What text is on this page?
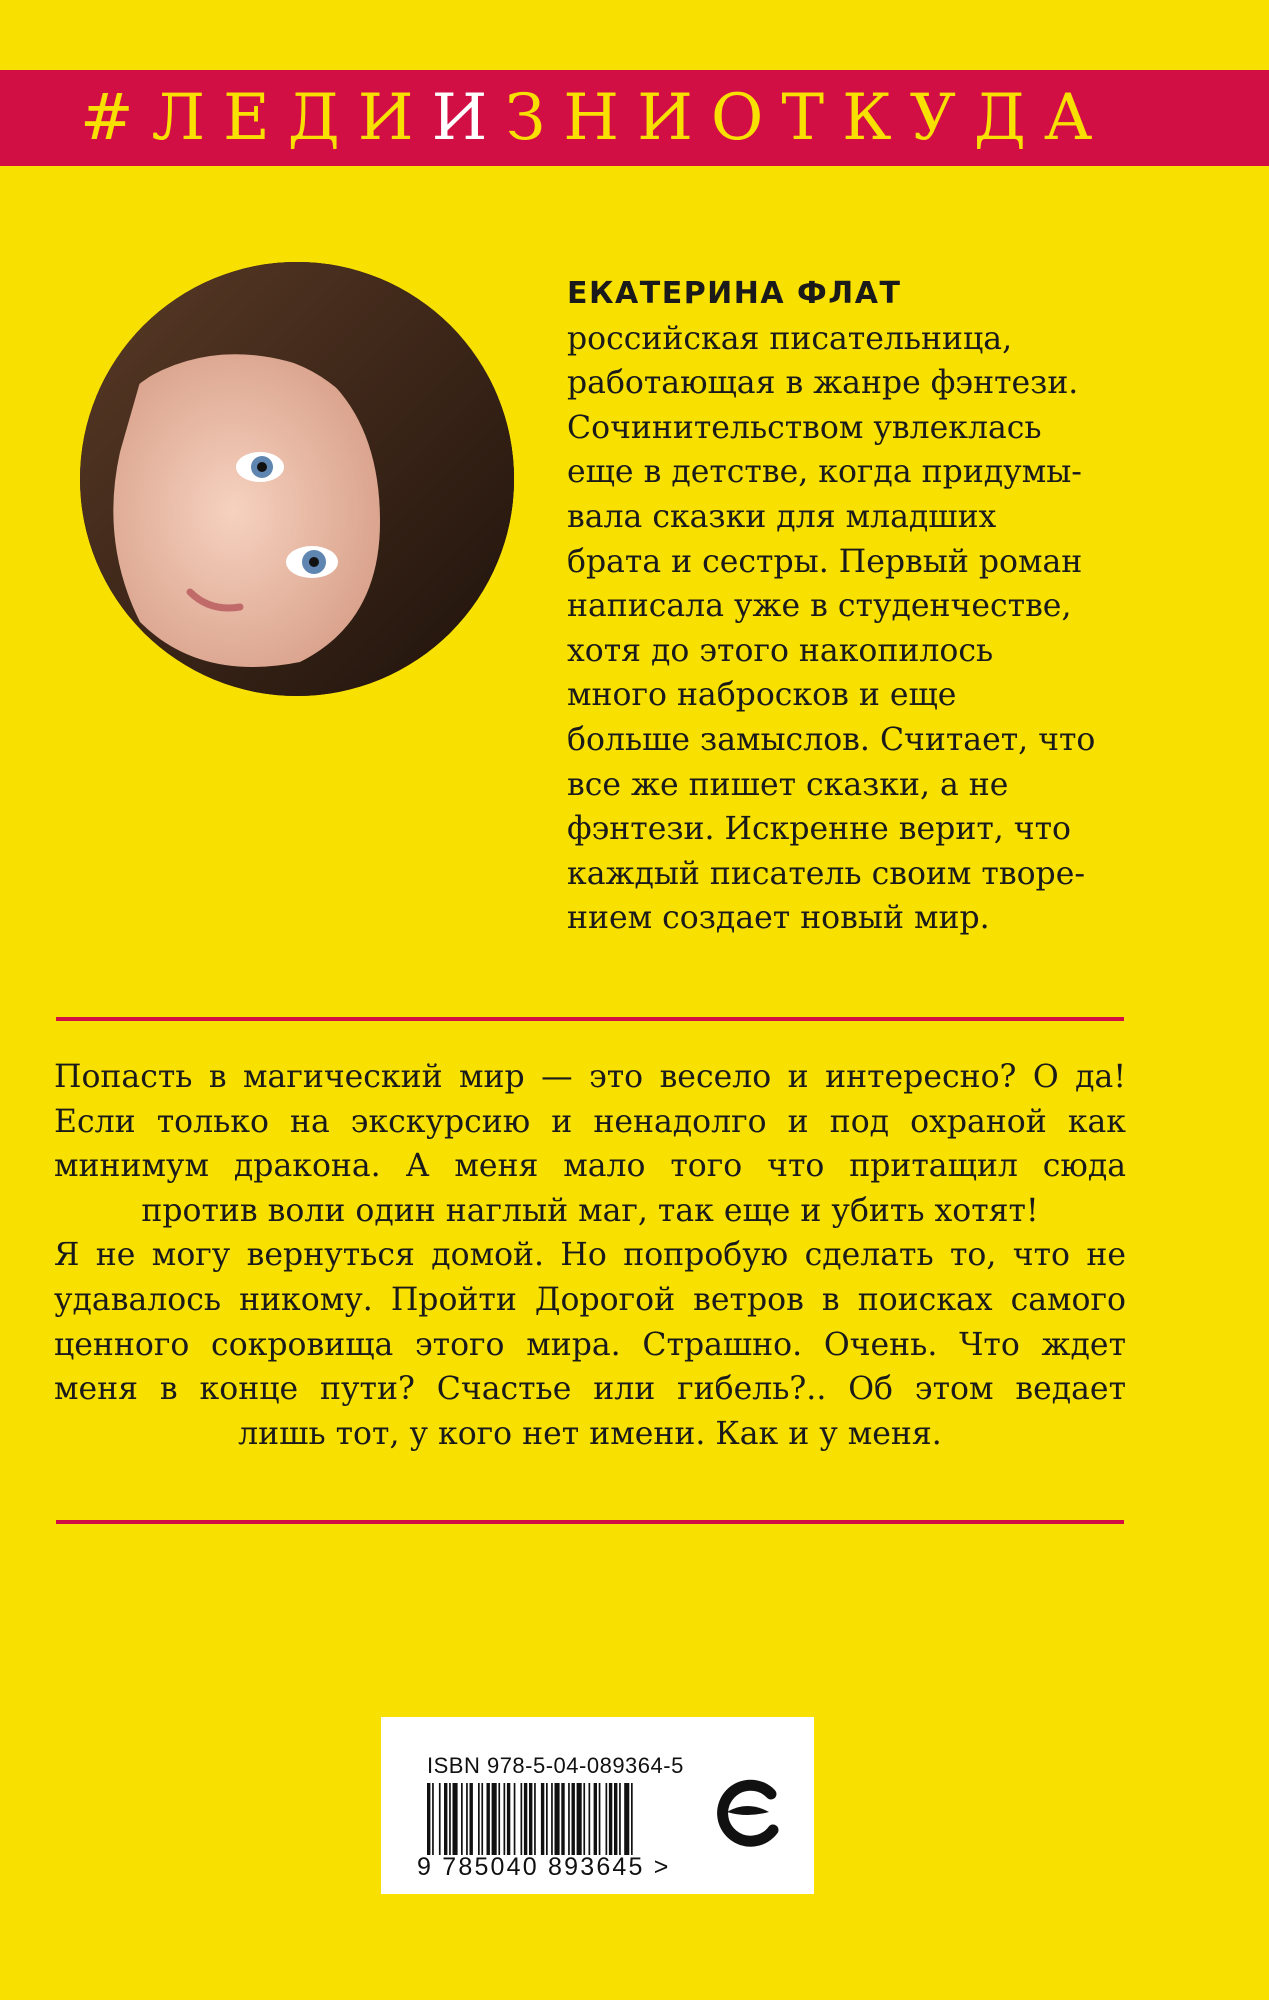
#ЛЕДИИЗНИОТКУДА
ЕКАТЕРИНА ФЛАТ
российская писательница,
работающая в жанре фэнтези.
Сочинительством увлеклась
еще в детстве, когда придумы-
вала сказки для младших
брата и сестры. Первый роман
написала уже в студенчестве,
хотя до этого накопилось
много набросков и еще
больше замыслов. Считает, что
все же пишет сказки, а не
фэнтези. Искренне верит, что
каждый писатель своим творе-
нием создает новый мир.
Попасть в магический мир — это весело и интересно? О да!
Если только на экскурсию и ненадолго и под охраной как
минимум дракона. А меня мало того что притащил сюда
против воли один наглый маг, так еще и убить хотят!
Я не могу вернуться домой. Но попробую сделать то, что не
удавалось никому. Пройти Дорогой ветров в поисках самого
ценного сокровища этого мира. Страшно. Очень. Что ждет
меня в конце пути? Счастье или гибель?.. Об этом ведает
лишь тот, у кого нет имени. Как и у меня.
ISBN 978-5-04-089364-5
9 785040 893645 >
